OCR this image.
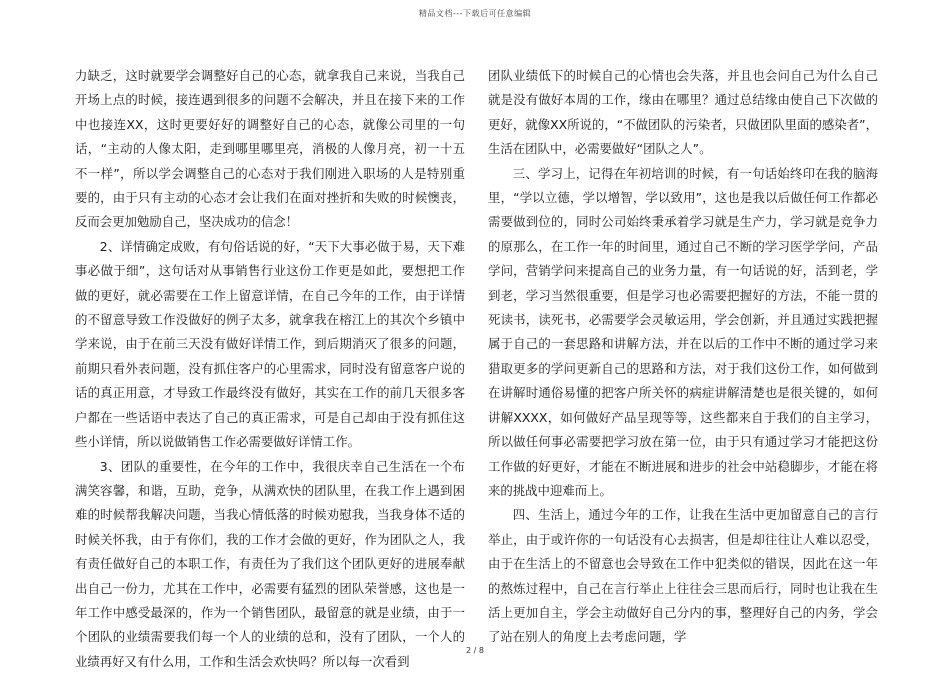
精品文档---下载后可任意编辑

力缺乏，这时就要学会调整好自己的心态，就拿我自己来说，当我自己开场上点的时候，接连遇到很多的问题不会解决，并且在接下来的工作中也接连XX，这时更要好好的调整好自己的心态，就像公司里的一句话，“主动的人像太阳，走到哪里哪里亮，消极的人像月亮，初一十五不一样”，所以学会调整自己的心态对于我们刚进入职场的人是特别重要的，由于只有主动的心态才会让我们在面对挫折和失败的时候懊丧，反而会更加勉励自己，坚决成功的信念！

2、详情确定成败，有句俗话说的好，“天下大事必做于易，天下难事必做于细”，这句话对从事销售行业这份工作更是如此，要想把工作做的更好，就必需要在工作上留意详情，在自己今年的工作，由于详情的不留意导致工作没做好的例子太多，就拿我在榕江上的其次个乡镇中学来说，由于在前三天没有做好详情工作，到后期消灭了很多的问题，前期只看外表问题，没有抓住客户的心里需求，同时没有留意客户说的话的真正用意，才导致工作最终没有做好，其实在工作的前几天很多客户都在一些话语中表达了自己的真正需求，可是自己却由于没有抓住这些小详情，所以说做销售工作必需要做好详情工作。

3、团队的重要性，在今年的工作中，我很庆幸自己生活在一个布满笑容馨，和谐，互助，竞争，从满欢快的团队里，在我工作上遇到困难的时候帮我解决问题，当我心情低落的时候劝慰我，当我身体不适的时候关怀我，由于有你们，我的工作才会做的更好，作为团队之人，我有责任做好自己的本职工作，有责任为了我们这个团队更好的进展奉献出自己一份力，尤其在工作中，必需要有猛烈的团队荣誉感，这也是一年工作中感受最深的，作为一个销售团队，最留意的就是业绩，由于一个团队的业绩需要我们每一个人的业绩的总和，没有了团队，一个人的业绩再好又有什么用，工作和生活会欢快吗？所以每一次看到

团队业绩低下的时候自己的心情也会失落，并且也会问自己为什么自己就是没有做好本周的工作，缘由在哪里？通过总结缘由使自己下次做的更好，就像XX所说的，“不做团队的污染者，只做团队里面的感染者”，生活在团队中，必需要做好“团队之人”。

三、学习上，记得在年初培训的时候，有一句话始终印在我的脑海里，“学以立德，学以增智，学以致用”，这也是我以后做任何工作都必需要做到位的，同时公司始终秉承着学习就是生产力，学习就是竞争力的原那么，在工作一年的时间里，通过自己不断的学习医学学问，产品学问，营销学问来提高自己的业务力量，有一句话说的好，活到老，学到老，学习当然很重要，但是学习也必需要把握好的方法，不能一贯的死读书，读死书，必需要学会灵敏运用，学会创新，并且通过实践把握属于自己的一套思路和讲解方法，并在以后的工作中不断的通过学习来猎取更多的学问更新自己的思路和方法，对于我们这份工作，如何做到在讲解时通俗易懂的把客户所关怀的病症讲解清楚也是很关键的，如何讲解XXXX，如何做好产品呈现等等，这些都来自于我们的自主学习，所以做任何事必需要把学习放在第一位，由于只有通过学习才能把这份工作做的好更好，才能在不断进展和进步的社会中站稳脚步，才能在将来的挑战中迎难而上。

四、生活上，通过今年的工作，让我在生活中更加留意自己的言行举止，由于或许你的一句话没有心去损害，但是却往往让人难以忍受，由于在生活上的不留意也会导致在工作中犯类似的错误，因此在这一年的熬炼过程中，自己在言行举止上往往会三思而后行，同时也让我在生活上更加自主，学会主动做好自己分内的事，整理好自己的内务，学会了站在别人的角度上去考虑问题，学

2 / 8
